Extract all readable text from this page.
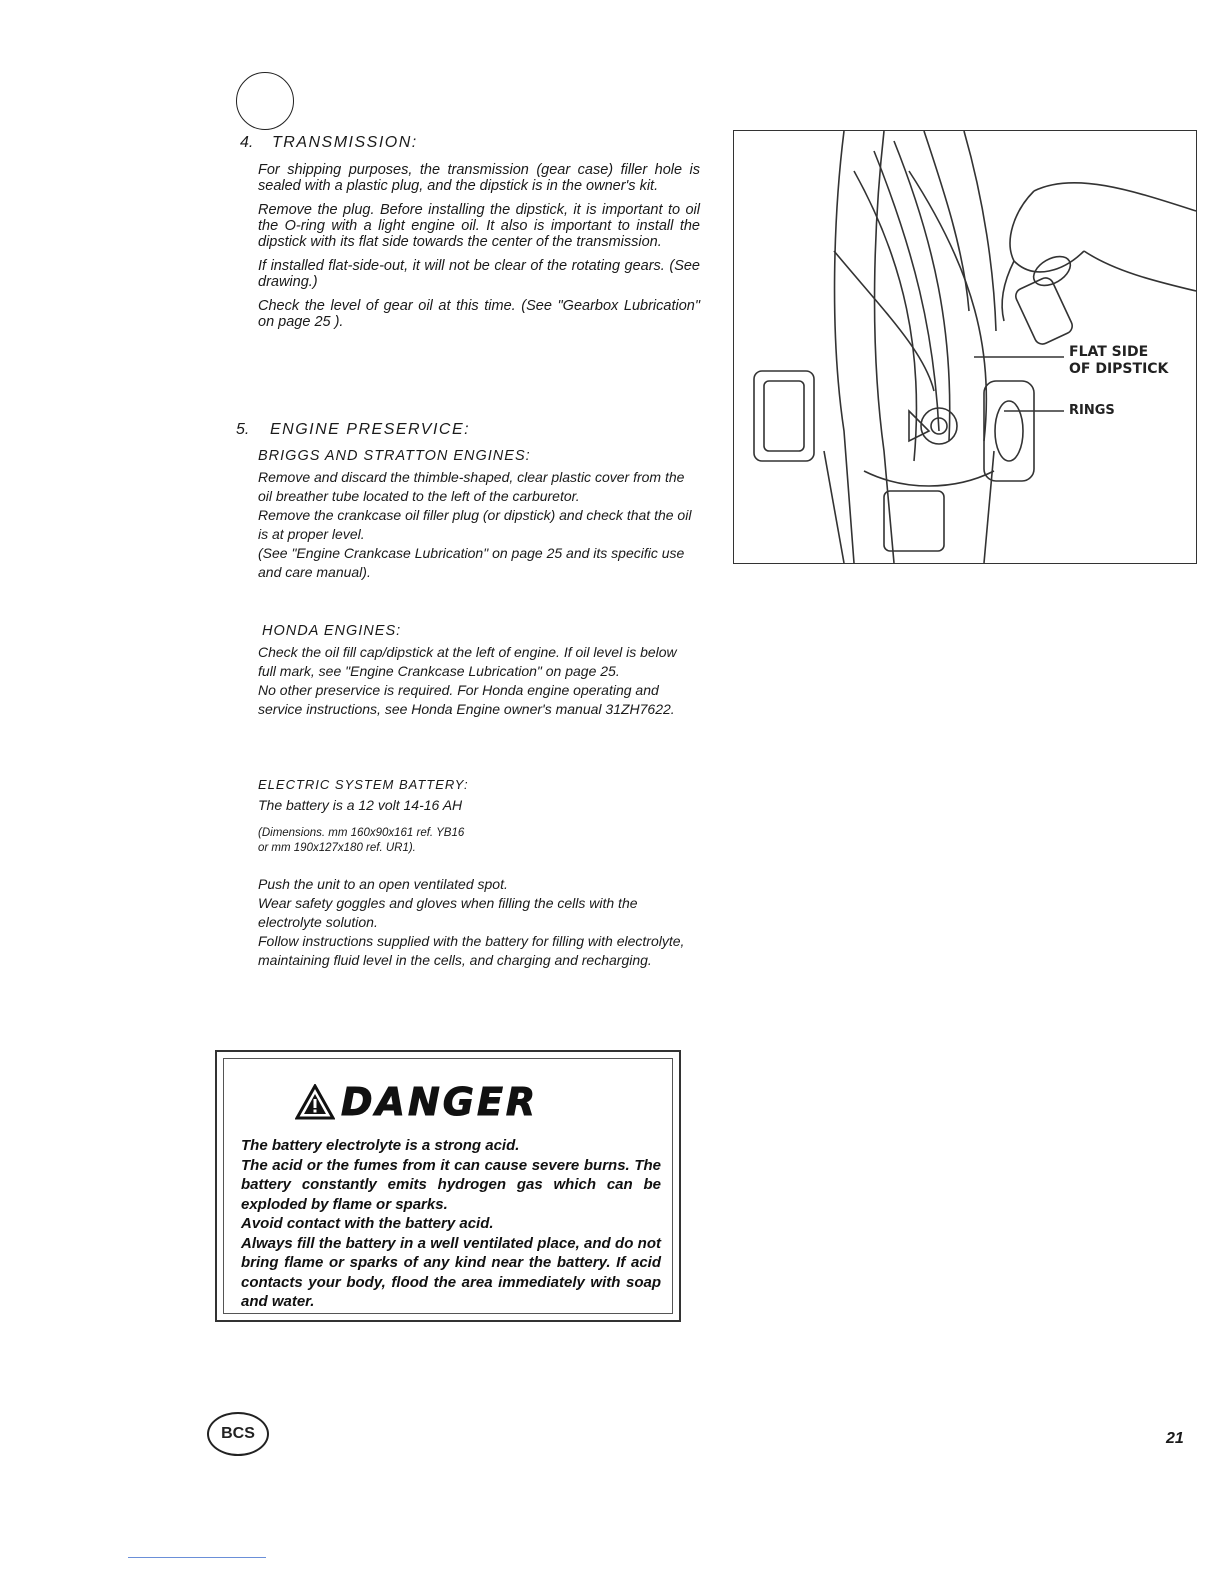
4. TRANSMISSION:

For shipping purposes, the transmission (gear case) filler hole is sealed with a plastic plug, and the dipstick is in the owner's kit.

Remove the plug. Before installing the dipstick, it is important to oil the O-ring with a light engine oil. It also is important to install the dipstick with its flat side towards the center of the transmission.

If installed flat-side-out, it will not be clear of the rotating gears. (See drawing.)

Check the level of gear oil at this time. (See "Gearbox Lubrication" on page 25 ).

5. ENGINE PRESERVICE:
BRIGGS AND STRATTON ENGINES:
Remove and discard the thimble-shaped, clear plastic cover from the oil breather tube located to the left of the carburetor.
Remove the crankcase oil filler plug (or dipstick) and check that the oil is at proper level.
(See "Engine Crankcase Lubrication" on page 25 and its specific use and care manual).
HONDA ENGINES:
Check the oil fill cap/dipstick at the left of engine. If oil level is below full mark, see "Engine Crankcase Lubrication" on page 25.
No other preservice is required. For Honda engine operating and service instructions, see Honda Engine owner's manual 31ZH7622.
ELECTRIC SYSTEM BATTERY:
The battery is a 12 volt 14-16 AH
(Dimensions. mm 160x90x161 ref. YB16
or mm 190x127x180 ref. UR1).
Push the unit to an open ventilated spot.
Wear safety goggles and gloves when filling the cells with the electrolyte solution.
Follow instructions supplied with the battery for filling with electrolyte, maintaining fluid level in the cells, and charging and recharging.
FLAT SIDE
OF DIPSTICK
RINGS
DANGER

The battery electrolyte is a strong acid.

The acid or the fumes from it can cause severe burns. The battery constantly emits hydrogen gas which can be exploded by flame or sparks.

Avoid contact with the battery acid.

Always fill the battery in a well ventilated place, and do not bring flame or sparks of any kind near the battery. If acid contacts your body, flood the area immediately with soap and water.

BCS	21
